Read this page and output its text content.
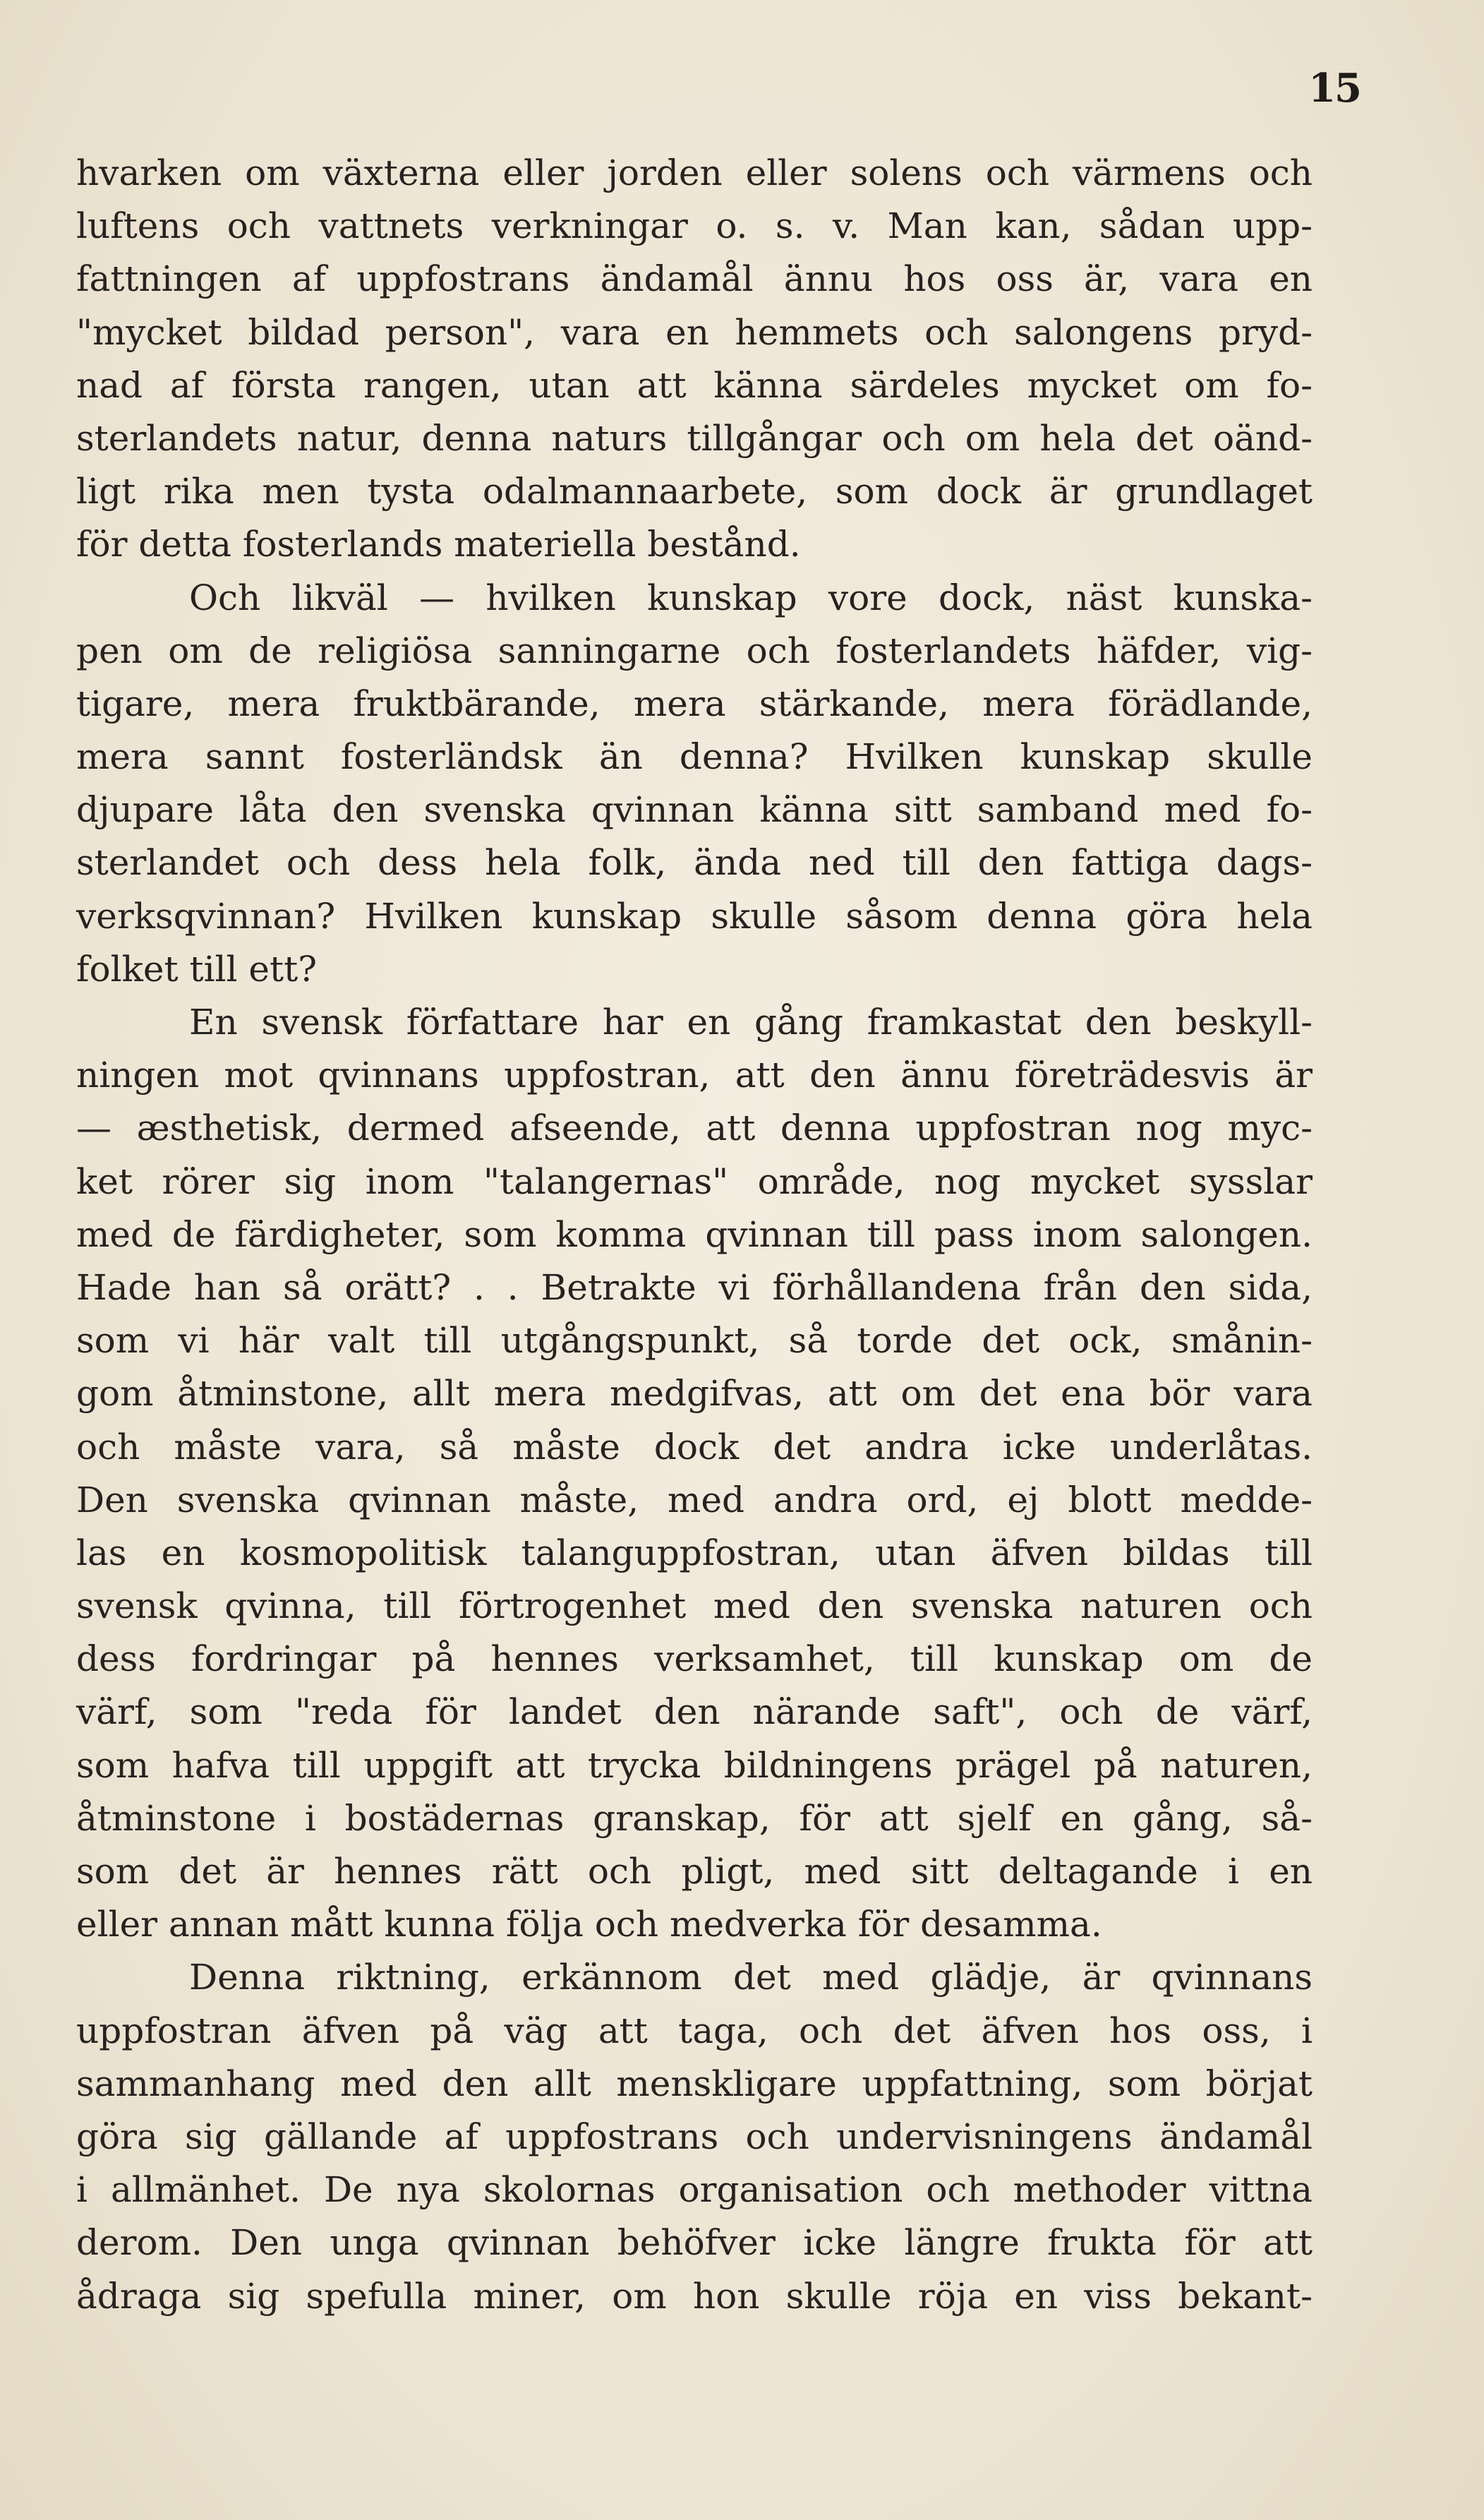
15
hvarken om växterna eller jorden eller solens och värmens och
luftens och vattnets verkningar o. s. v. Man kan, sådan upp-
fattningen af uppfostrans ändamål ännu hos oss är, vara en
"mycket bildad person", vara en hemmets och salongens pryd-
nad af första rangen, utan att känna särdeles mycket om fo-
sterlandets natur, denna naturs tillgångar och om hela det oänd-
ligt rika men tysta odalmannaarbete, som dock är grundlaget
för detta fosterlands materiella bestånd.
Och likväl — hvilken kunskap vore dock, näst kunska-
pen om de religiösa sanningarne och fosterlandets häfder, vig-
tigare, mera fruktbärande, mera stärkande, mera förädlande,
mera sannt fosterländsk än denna? Hvilken kunskap skulle
djupare låta den svenska qvinnan känna sitt samband med fo-
sterlandet och dess hela folk, ända ned till den fattiga dags-
verksqvinnan? Hvilken kunskap skulle såsom denna göra hela
folket till ett?
En svensk författare har en gång framkastat den beskyll-
ningen mot qvinnans uppfostran, att den ännu företrädesvis är
— æsthetisk, dermed afseende, att denna uppfostran nog myc-
ket rörer sig inom "talangernas" område, nog mycket sysslar
med de färdigheter, som komma qvinnan till pass inom salongen.
Hade han så orätt? . . Betrakte vi förhållandena från den sida,
som vi här valt till utgångspunkt, så torde det ock, smånin-
gom åtminstone, allt mera medgifvas, att om det ena bör vara
och måste vara, så måste dock det andra icke underlåtas.
Den svenska qvinnan måste, med andra ord, ej blott medde-
las en kosmopolitisk talanguppfostran, utan äfven bildas till
svensk qvinna, till förtrogenhet med den svenska naturen och
dess fordringar på hennes verksamhet, till kunskap om de
värf, som "reda för landet den närande saft", och de värf,
som hafva till uppgift att trycka bildningens prägel på naturen,
åtminstone i bostädernas granskap, för att sjelf en gång, så-
som det är hennes rätt och pligt, med sitt deltagande i en
eller annan mått kunna följa och medverka för desamma.
Denna riktning, erkännom det med glädje, är qvinnans
uppfostran äfven på väg att taga, och det äfven hos oss, i
sammanhang med den allt menskligare uppfattning, som börjat
göra sig gällande af uppfostrans och undervisningens ändamål
i allmänhet. De nya skolornas organisation och methoder vittna
derom. Den unga qvinnan behöfver icke längre frukta för att
ådraga sig spefulla miner, om hon skulle röja en viss bekant-
